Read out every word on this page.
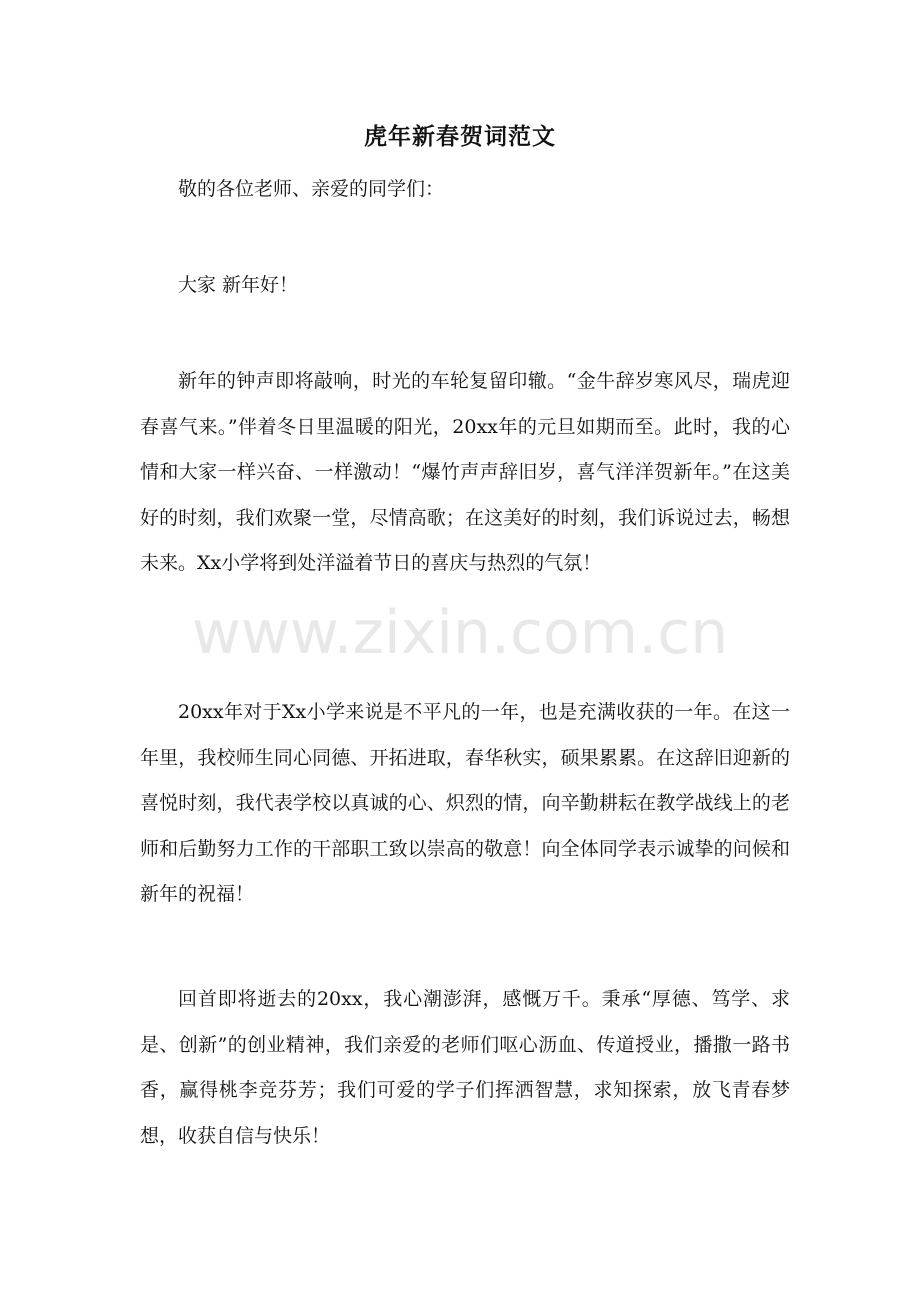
虎年新春贺词范文
敬的各位老师、亲爱的同学们：
大家 新年好！
新年的钟声即将敲响，时光的车轮复留印辙。“金牛辞岁寒风尽，瑞虎迎春喜气来。”伴着冬日里温暖的阳光，20xx年的元旦如期而至。此时，我的心情和大家一样兴奋、一样激动！“爆竹声声辞旧岁，喜气洋洋贺新年。”在这美好的时刻，我们欢聚一堂，尽情高歌；在这美好的时刻，我们诉说过去，畅想未来。Xx小学将到处洋溢着节日的喜庆与热烈的气氛！
20xx年对于Xx小学来说是不平凡的一年，也是充满收获的一年。在这一年里，我校师生同心同德、开拓进取，春华秋实，硕果累累。在这辞旧迎新的喜悦时刻，我代表学校以真诚的心、炽烈的情，向辛勤耕耘在教学战线上的老师和后勤努力工作的干部职工致以崇高的敬意！向全体同学表示诚挚的问候和新年的祝福！
回首即将逝去的20xx，我心潮澎湃，感慨万千。秉承“厚德、笃学、求是、创新”的创业精神，我们亲爱的老师们呕心沥血、传道授业，播撒一路书香，赢得桃李竞芬芳；我们可爱的学子们挥洒智慧，求知探索，放飞青春梦想，收获自信与快乐！
www.zixin.com.cn
